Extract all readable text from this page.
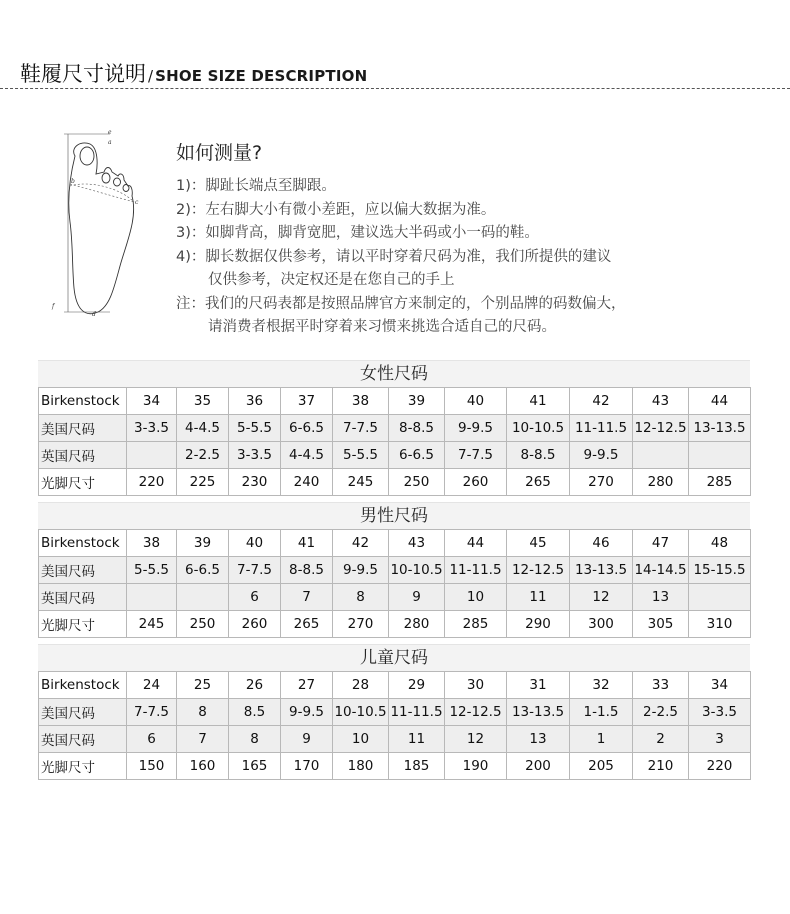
鞋履尺寸说明 / SHOE SIZE DESCRIPTION
e
a
b
c
f
d
如何测量?
1)：脚趾长端点至脚跟。
2)：左右脚大小有微小差距，应以偏大数据为准。
3)：如脚背高，脚背宽肥，建议选大半码或小一码的鞋。
4)：脚长数据仅供参考，请以平时穿着尺码为准，我们所提供的建议
仅供参考，决定权还是在您自己的手上
注：我们的尺码表都是按照品牌官方来制定的，个别品牌的码数偏大，
请消费者根据平时穿着来习惯来挑选合适自己的尺码。
女性尺码
Birkenstock	34	35	36	37	38	39	40	41	42	43	44
美国尺码	3-3.5	4-4.5	5-5.5	6-6.5	7-7.5	8-8.5	9-9.5	10-10.5	11-11.5	12-12.5	13-13.5
英国尺码		2-2.5	3-3.5	4-4.5	5-5.5	6-6.5	7-7.5	8-8.5	9-9.5		
光脚尺寸	220	225	230	240	245	250	260	265	270	280	285
男性尺码
Birkenstock	38	39	40	41	42	43	44	45	46	47	48
美国尺码	5-5.5	6-6.5	7-7.5	8-8.5	9-9.5	10-10.5	11-11.5	12-12.5	13-13.5	14-14.5	15-15.5
英国尺码			6	7	8	9	10	11	12	13	
光脚尺寸	245	250	260	265	270	280	285	290	300	305	310
儿童尺码
Birkenstock	24	25	26	27	28	29	30	31	32	33	34
美国尺码	7-7.5	8	8.5	9-9.5	10-10.5	11-11.5	12-12.5	13-13.5	1-1.5	2-2.5	3-3.5
英国尺码	6	7	8	9	10	11	12	13	1	2	3
光脚尺寸	150	160	165	170	180	185	190	200	205	210	220
